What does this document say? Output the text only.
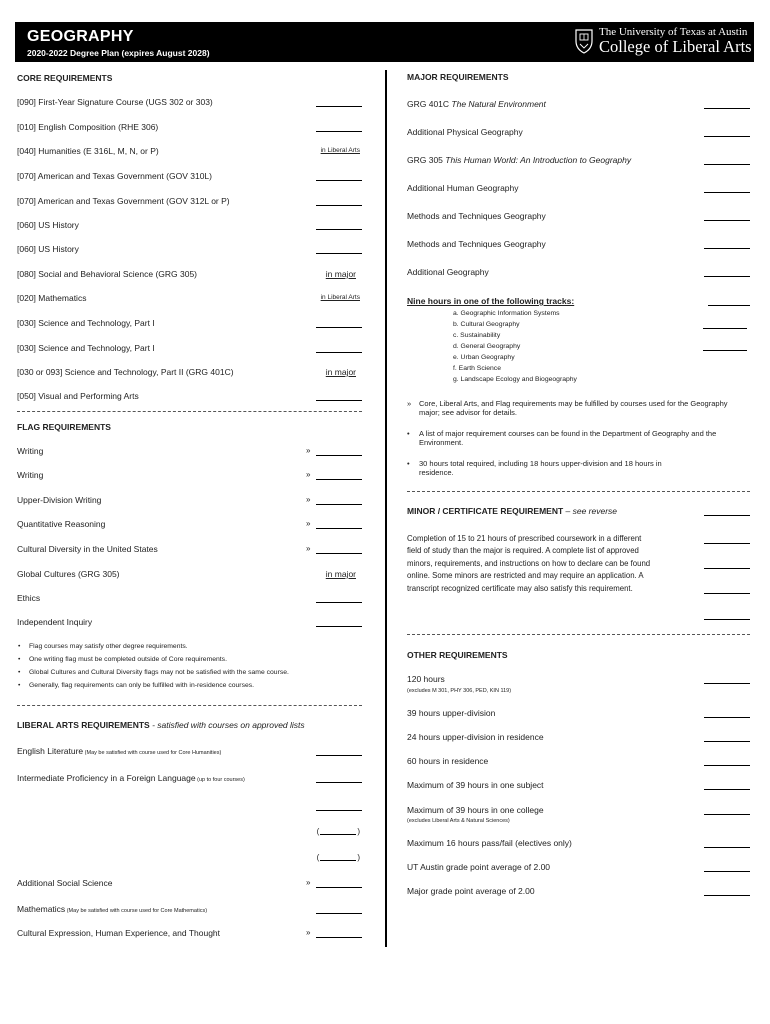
GEOGRAPHY
2020-2022 Degree Plan (expires August 2028)
The University of Texas at Austin
College of Liberal Arts
CORE REQUIREMENTS
[090] First-Year Signature Course (UGS 302 or 303)
[010] English Composition (RHE 306)
[040] Humanities (E 316L, M, N, or P)	in Liberal Arts
[070] American and Texas Government (GOV 310L)
[070] American and Texas Government (GOV 312L or P)
[060] US History
[060] US History
[080] Social and Behavioral Science (GRG 305)	in major
[020] Mathematics	in Liberal Arts
[030] Science and Technology, Part I
[030] Science and Technology, Part I
[030 or 093] Science and Technology, Part II (GRG 401C)	in major
[050] Visual and Performing Arts
FLAG REQUIREMENTS
Writing	»
Writing	»
Upper-Division Writing	»
Quantitative Reasoning	»
Cultural Diversity in the United States	»
Global Cultures (GRG 305)	in major
Ethics
Independent Inquiry
• Flag courses may satisfy other degree requirements.
• One writing flag must be completed outside of Core requirements.
• Global Cultures and Cultural Diversity flags may not be satisfied with the same course.
• Generally, flag requirements can only be fulfilled with in-residence courses.
LIBERAL ARTS REQUIREMENTS - satisfied with courses on approved lists
English Literature (May be satisfied with course used for Core Humanities)
Intermediate Proficiency in a Foreign Language (up to four courses)
(	)
(	)
Additional Social Science	»
Mathematics (May be satisfied with course used for Core Mathematics)
Cultural Expression, Human Experience, and Thought	»
MAJOR REQUIREMENTS
GRG 401C The Natural Environment
Additional Physical Geography
GRG 305 This Human World: An Introduction to Geography
Additional Human Geography
Methods and Techniques Geography
Methods and Techniques Geography
Additional Geography
Nine hours in one of the following tracks:
a. Geographic Information Systems
b. Cultural Geography
c. Sustainability
d. General Geography
e. Urban Geography
f. Earth Science
g. Landscape Ecology and Biogeography
»	Core, Liberal Arts, and Flag requirements may be fulfilled by courses used for the Geography major; see advisor for details.
•	A list of major requirement courses can be found in the Department of Geography and the Environment.
•	30 hours total required, including 18 hours upper-division and 18 hours in residence.
MINOR / CERTIFICATE REQUIREMENT – see reverse
Completion of 15 to 21 hours of prescribed coursework in a different field of study than the major is required. A complete list of approved minors, requirements, and instructions on how to declare can be found online. Some minors are restricted and may require an application. A transcript recognized certificate may also satisfy this requirement.
OTHER REQUIREMENTS
120 hours
(excludes M 301, PHY 306, PED, KIN 119)
39 hours upper-division
24 hours upper-division in residence
60 hours in residence
Maximum of 39 hours in one subject
Maximum of 39 hours in one college
(excludes Liberal Arts & Natural Sciences)
Maximum 16 hours pass/fail (electives only)
UT Austin grade point average of 2.00
Major grade point average of 2.00
